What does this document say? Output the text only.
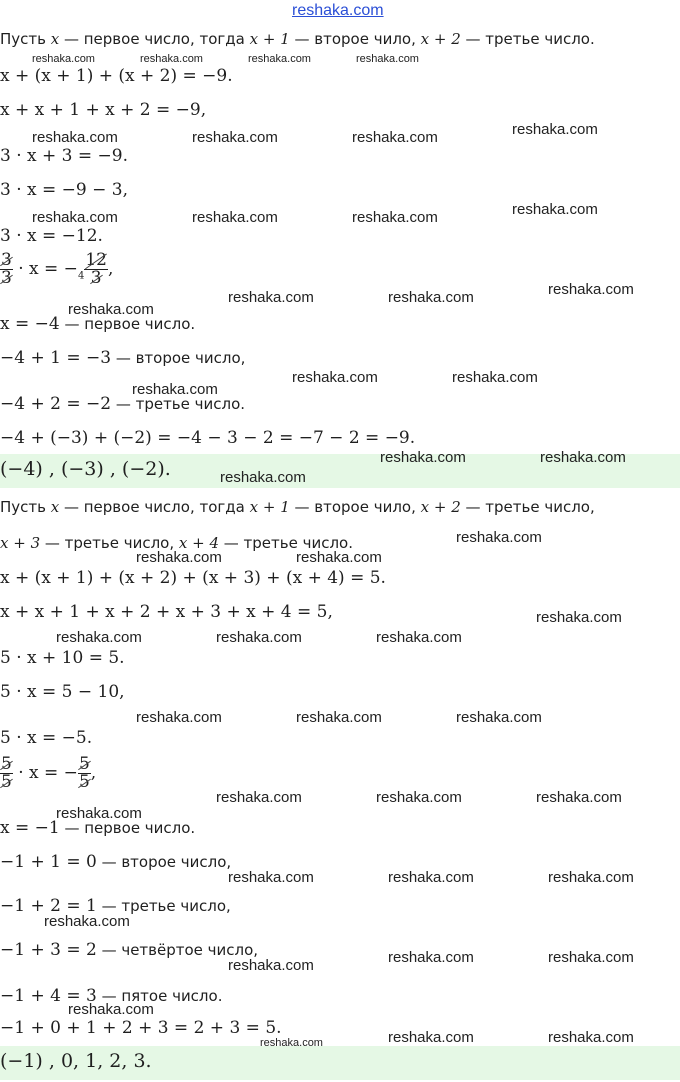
reshaka.com
Пусть x — первое число, тогда x + 1 — второе чило, x + 2 — третье число.
x + (x + 1) + (x + 2) = −9.
x + x + 1 + x + 2 = −9,
3 · x + 3 = −9.
3 · x = −9 − 3,
3 · x = −12.
$\frac{3}{3} \cdot x = -_4 \frac{12}{3}$ ,
x = −4 — первое число.
−4 + 1 = −3 — второе число,
−4 + 2 = −2 — третье число.
−4 + (−3) + (−2) = −4 − 3 − 2 = −7 − 2 = −9.
(−4) , (−3) , (−2).
Пусть x — первое число, тогда x + 1 — второе чило, x + 2 — третье число,
x + 3 — третье число, x + 4 — третье число.
x + (x + 1) + (x + 2) + (x + 3) + (x + 4) = 5.
x + x + 1 + x + 2 + x + 3 + x + 4 = 5,
5 · x + 10 = 5.
5 · x = 5 − 10,
5 · x = −5.
$\frac{5}{5} \cdot x$ = − $\frac{5}{5}$ ,
x = −1 — первое число.
−1 + 1 = 0 — второе число,
−1 + 2 = 1 — третье число,
−1 + 3 = 2 — четвёртое число,
−1 + 4 = 3 — пятое число.
−1 + 0 + 1 + 2 + 3 = 2 + 3 = 5.
(−1) , 0, 1, 2, 3.
reshaka.com	reshaka.com	reshaka.com	reshaka.com
reshaka.com
reshaka.com	reshaka.com	reshaka.com	reshaka.com
reshaka.com	reshaka.com	reshaka.com	reshaka.com
reshaka.com
reshaka.com	reshaka.com	reshaka.com
reshaka.com
reshaka.com	reshaka.com
reshaka.com
reshaka.com	reshaka.com
reshaka.com
reshaka.com	reshaka.com
reshaka.com
reshaka.com	reshaka.com	reshaka.com
reshaka.com	reshaka.com	reshaka.com
reshaka.com	reshaka.com	reshaka.com
reshaka.com
reshaka.com	reshaka.com	reshaka.com
reshaka.com
reshaka.com	reshaka.com	reshaka.com
reshaka.com
reshaka.com	reshaka.com
